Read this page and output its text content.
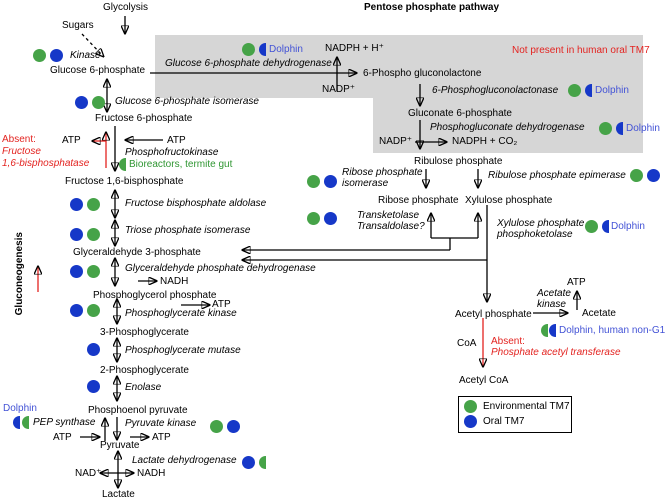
Pentose phosphate pathway
Not present in human oral TM7
Gluconeogenesis
Glycolysis
Sugars
Kinase
Glucose 6-phosphate
Glucose 6-phosphate isomerase
Fructose 6-phosphate
Absent:
Fructose
1,6-bisphosphatase
ATP	ATP
Phosphofructokinase
Bioreactors, termite gut
Fructose 1,6-bisphosphate
Fructose bisphosphate aldolase
Triose phosphate isomerase
Glyceraldehyde 3-phosphate
Glyceraldehyde phosphate dehydrogenase
NADH
Phosphoglycerol phosphate
ATP
Phosphoglycerate kinase
3-Phosphoglycerate
Phosphoglycerate mutase
2-Phosphoglycerate
Enolase
Phosphoenol pyruvate
Dolphin
PEP synthase
ATP
Pyruvate kinase
ATP
Pyruvate
Lactate dehydrogenase
NAD⁺	NADH
Lactate
Dolphin
Glucose 6-phosphate dehydrogenase
NADPH + H⁺
NADP⁺
6-Phospho gluconolactone
6-Phosphogluconolactonase	Dolphin
Gluconate 6-phosphate
Phosphogluconate dehydrogenase	Dolphin
NADP⁺	NADPH + CO₂
Ribulose phosphate
Ribose phosphate
isomerase
Ribulose phosphate epimerase
Ribose phosphate Xylulose phosphate
Transketolase
Transaldolase?	Xylulose phosphate
phosphoketolase
Dolphin
Acetyl phosphate
Acetate
kinase
ATP
Acetate
Dolphin, human non-G1
CoA Absent:
Phosphate acetyl transferase
Acetyl CoA
Environmental TM7
Oral TM7
